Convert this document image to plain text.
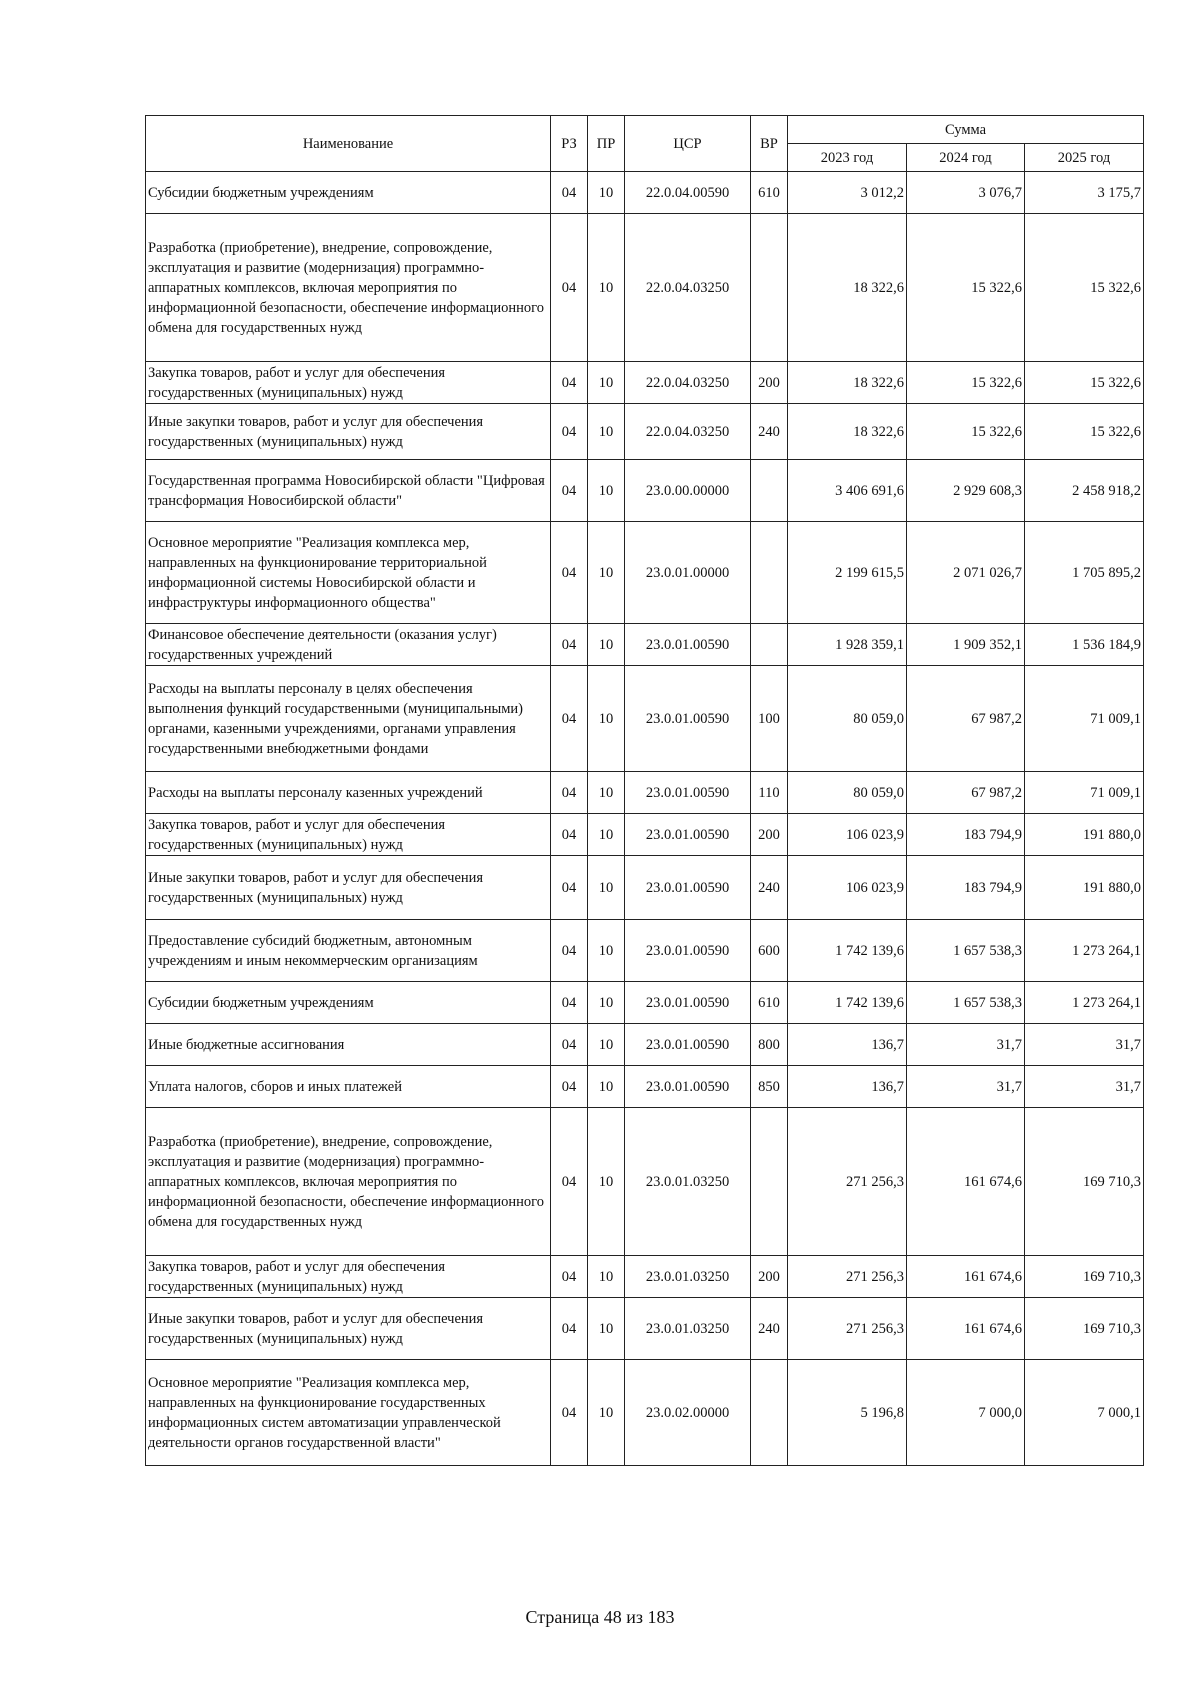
Наименование	РЗ	ПР	ЦСР	ВР	Сумма		
					2023 год	2024 год	2025 год
Субсидии бюджетным учреждениям	04	10	22.0.04.00590	610	3 012,2	3 076,7	3 175,7
Разработка (приобретение), внедрение, сопровождение, эксплуатация и развитие (модернизация) программно-аппаратных комплексов, включая мероприятия по информационной безопасности, обеспечение информационного обмена для государственных нужд	04	10	22.0.04.03250		18 322,6	15 322,6	15 322,6
Закупка товаров, работ и услуг для обеспечения государственных (муниципальных) нужд	04	10	22.0.04.03250	200	18 322,6	15 322,6	15 322,6
Иные закупки товаров, работ и услуг для обеспечения государственных (муниципальных) нужд	04	10	22.0.04.03250	240	18 322,6	15 322,6	15 322,6
Государственная программа Новосибирской области "Цифровая трансформация Новосибирской области"	04	10	23.0.00.00000		3 406 691,6	2 929 608,3	2 458 918,2
Основное мероприятие "Реализация комплекса мер, направленных на функционирование территориальной информационной системы Новосибирской области и инфраструктуры информационного общества"	04	10	23.0.01.00000		2 199 615,5	2 071 026,7	1 705 895,2
Финансовое обеспечение деятельности (оказания услуг) государственных учреждений	04	10	23.0.01.00590		1 928 359,1	1 909 352,1	1 536 184,9
Расходы на выплаты персоналу в целях обеспечения выполнения функций государственными (муниципальными) органами, казенными учреждениями, органами управления государственными внебюджетными фондами	04	10	23.0.01.00590	100	80 059,0	67 987,2	71 009,1
Расходы на выплаты персоналу казенных учреждений	04	10	23.0.01.00590	110	80 059,0	67 987,2	71 009,1
Закупка товаров, работ и услуг для обеспечения государственных (муниципальных) нужд	04	10	23.0.01.00590	200	106 023,9	183 794,9	191 880,0
Иные закупки товаров, работ и услуг для обеспечения государственных (муниципальных) нужд	04	10	23.0.01.00590	240	106 023,9	183 794,9	191 880,0
Предоставление субсидий бюджетным, автономным учреждениям и иным некоммерческим организациям	04	10	23.0.01.00590	600	1 742 139,6	1 657 538,3	1 273 264,1
Субсидии бюджетным учреждениям	04	10	23.0.01.00590	610	1 742 139,6	1 657 538,3	1 273 264,1
Иные бюджетные ассигнования	04	10	23.0.01.00590	800	136,7	31,7	31,7
Уплата налогов, сборов и иных платежей	04	10	23.0.01.00590	850	136,7	31,7	31,7
Разработка (приобретение), внедрение, сопровождение, эксплуатация и развитие (модернизация) программно-аппаратных комплексов, включая мероприятия по информационной безопасности, обеспечение информационного обмена для государственных нужд	04	10	23.0.01.03250		271 256,3	161 674,6	169 710,3
Закупка товаров, работ и услуг для обеспечения государственных (муниципальных) нужд	04	10	23.0.01.03250	200	271 256,3	161 674,6	169 710,3
Иные закупки товаров, работ и услуг для обеспечения государственных (муниципальных) нужд	04	10	23.0.01.03250	240	271 256,3	161 674,6	169 710,3
Основное мероприятие "Реализация комплекса мер, направленных на функционирование государственных информационных систем автоматизации управленческой деятельности органов государственной власти"	04	10	23.0.02.00000		5 196,8	7 000,0	7 000,1
Страница 48 из 183
